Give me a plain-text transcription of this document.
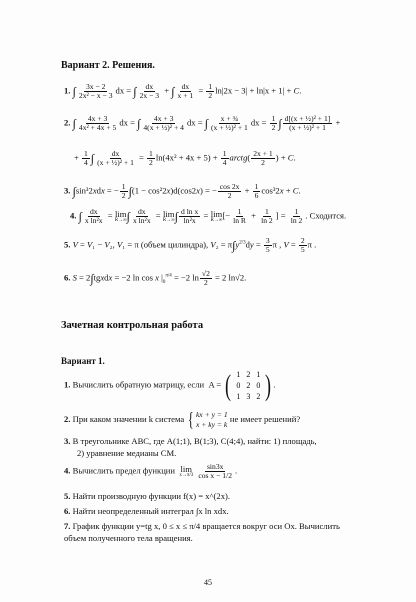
Вариант 2. Решения.
1. ∫ $\frac{3x - 2}{\text{2x² − x − 3}}$ dx = ∫ $\frac{dx}{2x - 3}$ + ∫ $\frac{dx}{x + 1} = \frac{1}{2} \ln|2x - 3| + \ln|x + 1| + C$.
2. ∫ $\frac{4x + 3}{\text{4x² + 4x + 5}}$ dx = ∫ $\frac{4x + 3}{\text{4(x + ½)² + 4}}$ dx = ∫ $\frac{\text{x + ¾}}{\text{(x + ½)² + 1}}$ dx = $\frac{1}{2}$ ∫ $\frac{\text{d[(x + ½)² + 1]}}{\text{(x + ½)² + 1}}$ +
+ $\frac{1}{4}$ ∫ $\frac{dx}{\text{(x + ½)² + 1}} = \frac{1}{2} \ln(4x^2 + 4x + 5) + \frac{1}{4}$ arctg( $\frac{2x + 1}{2}$ ) + C.
3. ∫sin³2xdx = − $\frac{1}{2} \int(1 - \cos^22x)d(\cos 2x)$ = − $\frac{\cos 2x}{2} + \frac{1}{6} \cos^32x + C$.
4. ∫ $\frac{dx}{\text{x ln²x}} = \lim$
R→∞ ∫ $\frac{dx}{\text{x ln²x}} = \lim$
R→∞ ∫ $\frac{\text{d ln x}}{\text{ln²x}} = \lim$
R→∞
[− $\frac{1}{\text{ln R}} + \frac{1}{\ln 2}$ ] = $\frac{1}{\ln 2}$ . Сходится.
5. V = V₁ − V₂, V₁ = π (объем цилиндра), $V_2 = \pi\int y^{2/3}dy = \frac{3}{5}$ π , $V = \frac{2}{5}$ π .
6. S = 2∫tgxdx = −2 ln cos x $|_0^{\pi/4} = -2$ $\ln \frac{√2}{2} = 2$ ln√2.
Зачетная контрольная работа
Вариант 1.
1. Вычислить обратную матрицу, если A = ( 1	2	1
0	2	0
1	3	2 ) .
2. При каком значении k система { kx + y = 1
x + ky = k
не имеет решений?
3. В треугольнике ABC, где A(1;1), B(1;3), C(4;4), найти: 1) площадь,
2) уравнение медианы CM.
4. Вычислить предел функции lim
x→π/3
$\frac{\sin 3x}{\text{cos x − 1/2}}$ .
5. Найти производную функции f(x) = x^(2x).
6. Найти неопределенный интеграл ∫x ln xdx.
7. График функции y=tg x, 0 ≤ x ≤ π/4 вращается вокруг оси Ox. Вычислить
объем полученного тела вращения.
45
